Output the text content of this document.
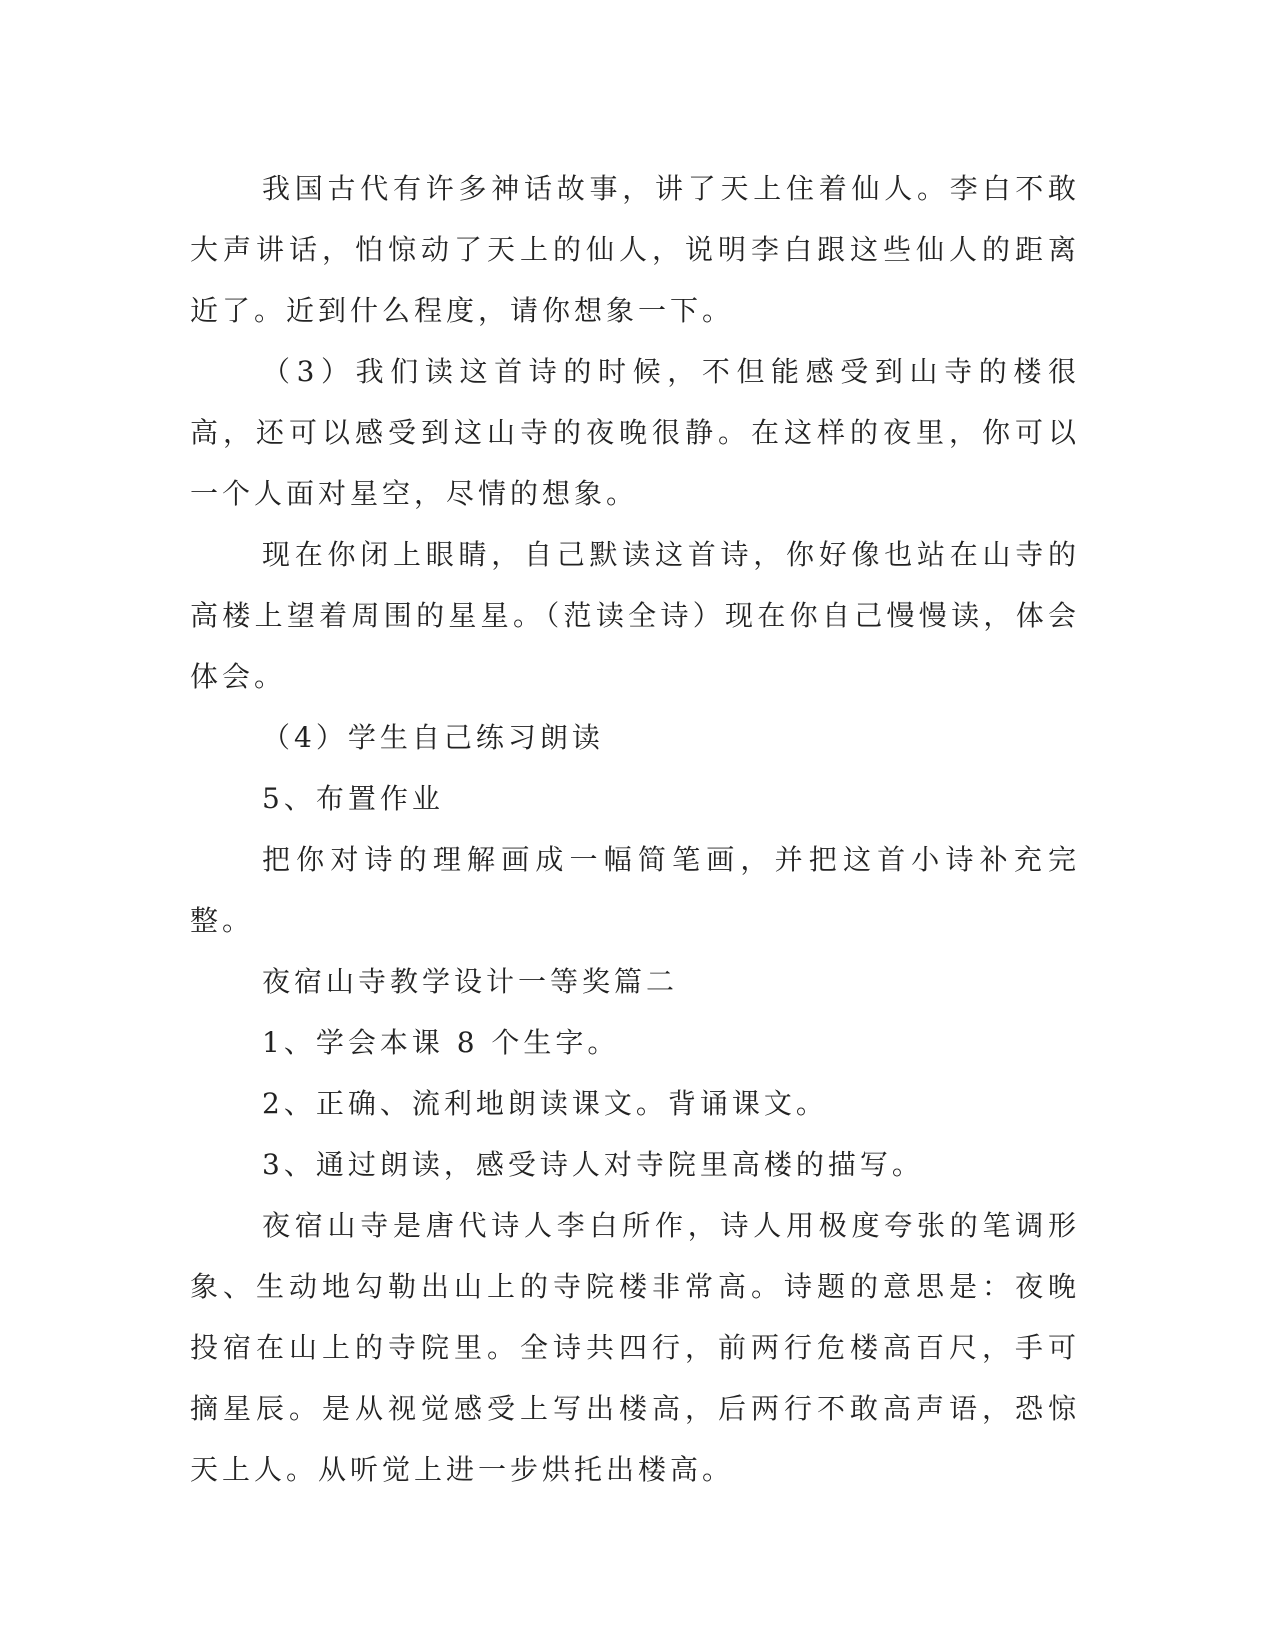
我国古代有许多神话故事，讲了天上住着仙人。李白不敢大声讲话，怕惊动了天上的仙人，说明李白跟这些仙人的距离近了。近到什么程度，请你想象一下。

（3）我们读这首诗的时候，不但能感受到山寺的楼很高，还可以感受到这山寺的夜晚很静。在这样的夜里，你可以一个人面对星空，尽情的想象。

现在你闭上眼睛，自己默读这首诗，你好像也站在山寺的高楼上望着周围的星星。（范读全诗）现在你自己慢慢读，体会体会。

（4）学生自己练习朗读

5、布置作业

把你对诗的理解画成一幅简笔画，并把这首小诗补充完整。

夜宿山寺教学设计一等奖篇二

1、学会本课 8 个生字。

2、正确、流利地朗读课文。背诵课文。

3、通过朗读，感受诗人对寺院里高楼的描写。

夜宿山寺是唐代诗人李白所作，诗人用极度夸张的笔调形象、生动地勾勒出山上的寺院楼非常高。诗题的意思是：夜晚投宿在山上的寺院里。全诗共四行，前两行危楼高百尺，手可摘星辰。是从视觉感受上写出楼高，后两行不敢高声语，恐惊天上人。从听觉上进一步烘托出楼高。
